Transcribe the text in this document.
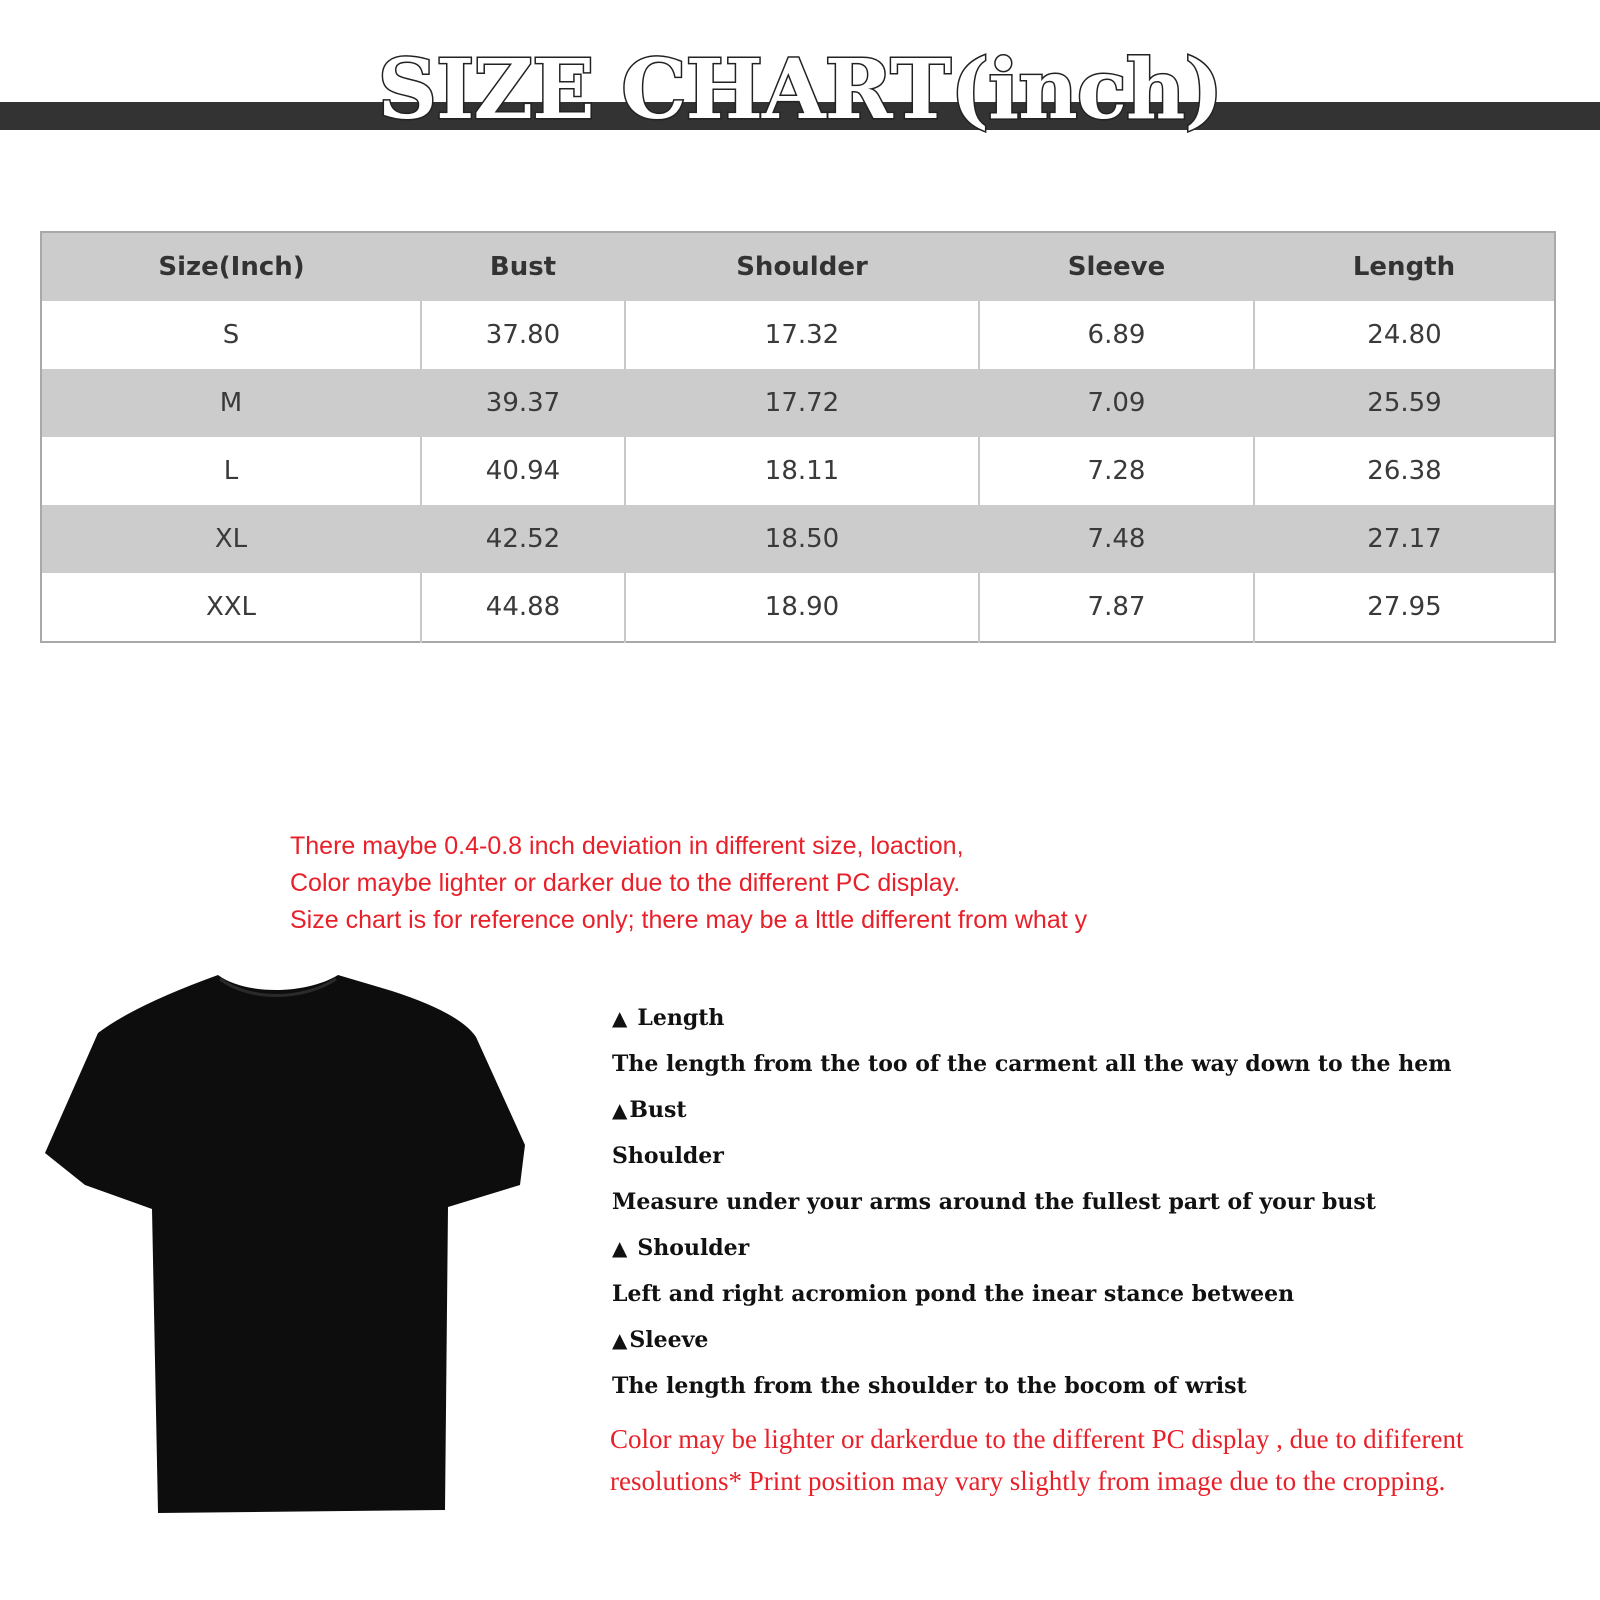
SIZE CHART(inch)
Size(Inch)	Bust	Shoulder	Sleeve	Length
S	37.80	17.32	6.89	24.80
M	39.37	17.72	7.09	25.59
L	40.94	18.11	7.28	26.38
XL	42.52	18.50	7.48	27.17
XXL	44.88	18.90	7.87	27.95
There maybe 0.4-0.8 inch deviation in different size, loaction,
Color maybe lighter or darker due to the different PC display.
Size chart is for reference only; there may be a lttle different from what y
▲ Length
The length from the too of the carment all the way down to the hem
▲Bust
Shoulder
Measure under your arms around the fullest part of your bust
▲ Shoulder
Left and right acromion pond the inear stance between
▲Sleeve
The length from the shoulder to the bocom of wrist
Color may be lighter or darkerdue to the different PC display , due to dififerent resolutions* Print position may vary slightly from image due to the cropping.
